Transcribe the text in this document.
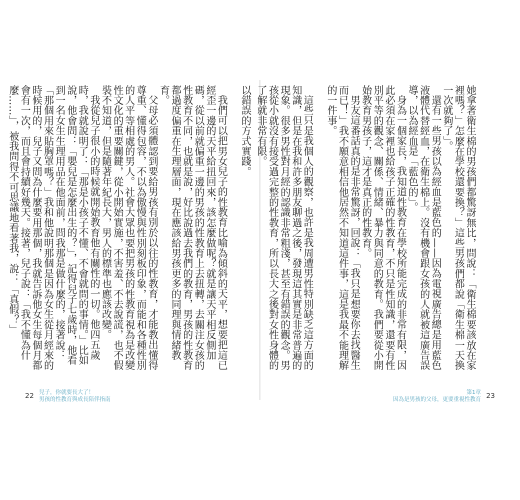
以錯誤的方式實踐。

我們可以把男女兒子的性教育比喻為傾斜的天平，想要把這已經歪一邊的天平給扭回來，該怎麼做呢？就是讓天平相反側加碼，從以前就偏重一邊的男孩的性教育上去扭轉，去關注女孩的性教育不同，也就是說，好比說過去我們的教育，男孩的性教育都過度偏重在生理層面，現在應該給男孩更多的同理與情緒教育。

父母必須體認到要給男孩有別於以往的性教育，才能教出懂得尊重、懂得包容，不以為傲慢與性別刻板印象，而能和各種性別的人平等相處的男人。社會大眾也要把男孩的性教育視為是改變性文化的重要關鍵，從小開始實施，不害羞、不去說謊，也不假裝不知道，但是隨著年紀長大，男人的標準也應該改變。

我從兒子很小的時候就開始教育他有關性的一切。他四五歲時，我就說明了：「那是小孩子不懂、不會就問的事情。」比如說，他會問：「嬰兒是怎麼出生的？」，記得兒子七歲時，他看到一名女生生理用品在他面前，問我那是做什麼的，接著說：「那個用來貼胸罩嗎？」我和他說明那個是因為女生從月經來的時候用的，兒子又問為什麼要用那個，我就告訴他女生每個月都會有一次，而且會持續好幾天。接著，兒子說：「我不懂為什麼……」，被我問得不可思議地看著我，說：「真假？」

22 兒子，你就要長大了！
男孩的性教育與成長陪伴指南

她拿著衛生棉的男孩們都驚訝無比，問說：「衛生棉要該放在家裡嗎？」怎麼在學校還要換？」這些男孩們都說「衛生棉一天換一次就夠了」。

還有一些男孩以為經血是藍色的——因為電視廣告總是用藍色液體代替經血，在衛生棉上。沒有機會跟女孩的人就被這廣告誤導，以為經血是「藍色的」。

身為一個家長，我知道性教育在學校所能完成的非常有限，因此必須在家裡也給孩子正確的性教育，不只是性知識，還要有性別平等的觀念、關係、情緒、暴力與同意的教育。我們要從小開始教育男孩子，這才是真正的性教育。

男友這番話真的是非常驚訝，回說：「我只是想要你去找醫生而已！」我不願意相信他居然不知道這件事，這是我最不能理解的一件事。

這些只是我個人的觀察，也許是我周遭男性特別缺乏這方面的知識，但是在我和許多朋友聊過之後，發現這其實是非常普遍的現象。很多男性對月經的認識非常粗淺，甚至有錯誤的觀念。男孩從小就沒有接受過完整的性教育，所以長大之後對女性身體的了解就非常有限。

23
第1章
因為是男孩的父母，更要重視性教育
